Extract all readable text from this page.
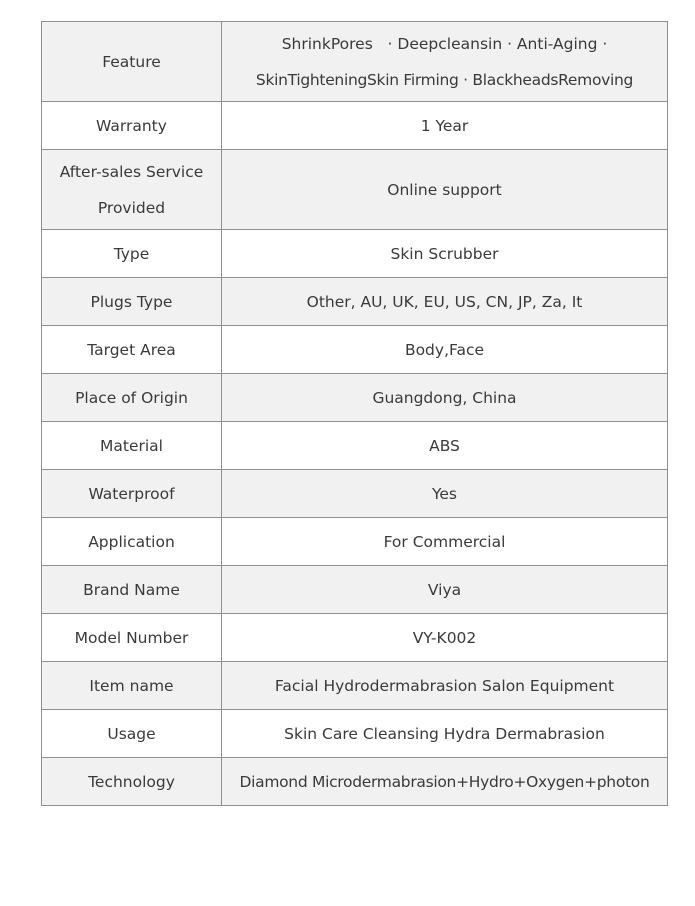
Feature	ShrinkPores   · Deepcleansin · Anti-Aging ·
SkinTighteningSkin Firming · BlackheadsRemoving

Warranty	1 Year

After-sales Service
Provided	Online support
Type	Skin Scrubber
Plugs Type	Other, AU, UK, EU, US, CN, JP, Za, It
Target Area	Body,Face
Place of Origin	Guangdong, China
Material	ABS
Waterproof	Yes
Application	For Commercial
Brand Name	Viya
Model Number	VY-K002
Item name	Facial Hydrodermabrasion Salon Equipment
Usage	Skin Care Cleansing Hydra Dermabrasion
Technology	Diamond Microdermabrasion+Hydro+Oxygen+photon
